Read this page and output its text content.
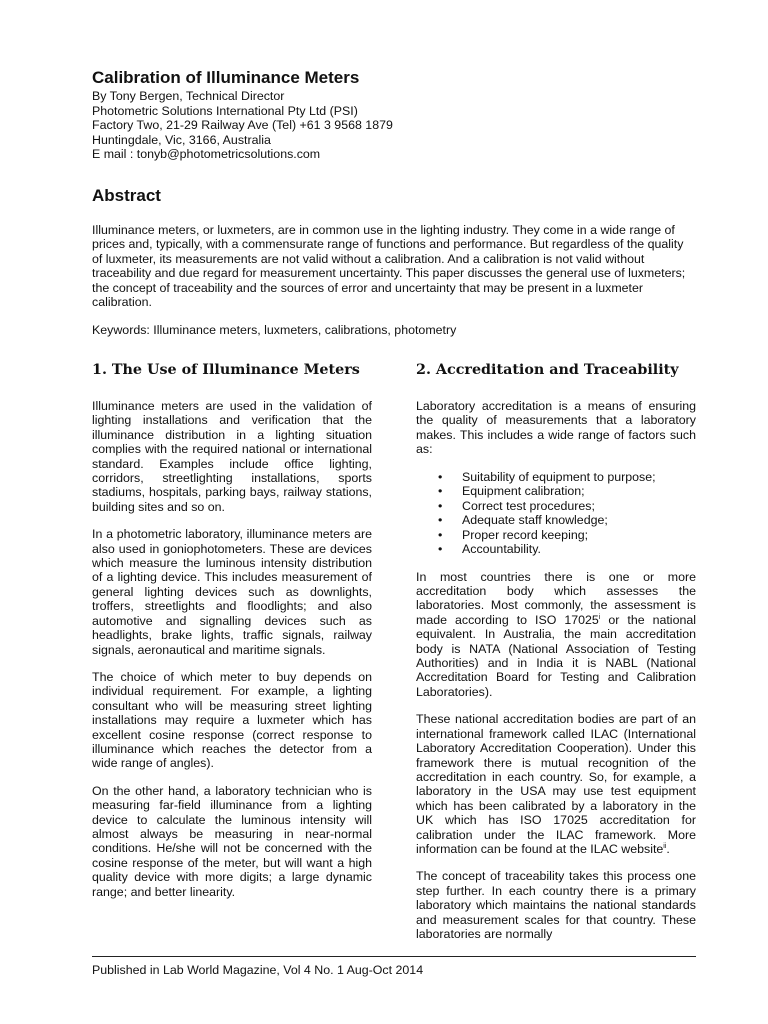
Calibration of Illuminance Meters

By Tony Bergen, Technical Director

Photometric Solutions International Pty Ltd (PSI)

Factory Two, 21-29 Railway Ave (Tel) +61 3 9568 1879

Huntingdale, Vic, 3166, Australia

E mail : tonyb@photometricsolutions.com

Abstract

Illuminance meters, or luxmeters, are in common use in the lighting industry. They come in a wide range of prices and, typically, with a commensurate range of functions and performance. But regardless of the quality of luxmeter, its measurements are not valid without a calibration. And a calibration is not valid without traceability and due regard for measurement uncertainty. This paper discusses the general use of luxmeters; the concept of traceability and the sources of error and uncertainty that may be present in a luxmeter calibration.

Keywords: Illuminance meters, luxmeters, calibrations, photometry

1. The Use of Illuminance Meters

Illuminance meters are used in the validation of lighting installations and verification that the illuminance distribution in a lighting situation complies with the required national or international standard. Examples include office lighting, corridors, streetlighting installations, sports stadiums, hospitals, parking bays, railway stations, building sites and so on.

In a photometric laboratory, illuminance meters are also used in goniophotometers. These are devices which measure the luminous intensity distribution of a lighting device. This includes measurement of general lighting devices such as downlights, troffers, streetlights and floodlights; and also automotive and signalling devices such as headlights, brake lights, traffic signals, railway signals, aeronautical and maritime signals.

The choice of which meter to buy depends on individual requirement. For example, a lighting consultant who will be measuring street lighting installations may require a luxmeter which has excellent cosine response (correct response to illuminance which reaches the detector from a wide range of angles).

On the other hand, a laboratory technician who is measuring far-field illuminance from a lighting device to calculate the luminous intensity will almost always be measuring in near-normal conditions. He/she will not be concerned with the cosine response of the meter, but will want a high quality device with more digits; a large dynamic range; and better linearity.

2. Accreditation and Traceability

Laboratory accreditation is a means of ensuring the quality of measurements that a laboratory makes. This includes a wide range of factors such as:

• Suitability of equipment to purpose;
• Equipment calibration;
• Correct test procedures;
• Adequate staff knowledge;
• Proper record keeping;
• Accountability.

In most countries there is one or more accreditation body which assesses the laboratories. Most commonly, the assessment is made according to ISO 17025$^i$ or the national equivalent. In Australia, the main accreditation body is NATA (National Association of Testing Authorities) and in India it is NABL (National Accreditation Board for Testing and Calibration Laboratories).

These national accreditation bodies are part of an international framework called ILAC (International Laboratory Accreditation Cooperation). Under this framework there is mutual recognition of the accreditation in each country. So, for example, a laboratory in the USA may use test equipment which has been calibrated by a laboratory in the UK which has ISO 17025 accreditation for calibration under the ILAC framework. More information can be found at the ILAC website$^{ii}$.

The concept of traceability takes this process one step further. In each country there is a primary laboratory which maintains the national standards and measurement scales for that country. These laboratories are normally

Published in Lab World Magazine, Vol 4 No. 1 Aug-Oct 2014
